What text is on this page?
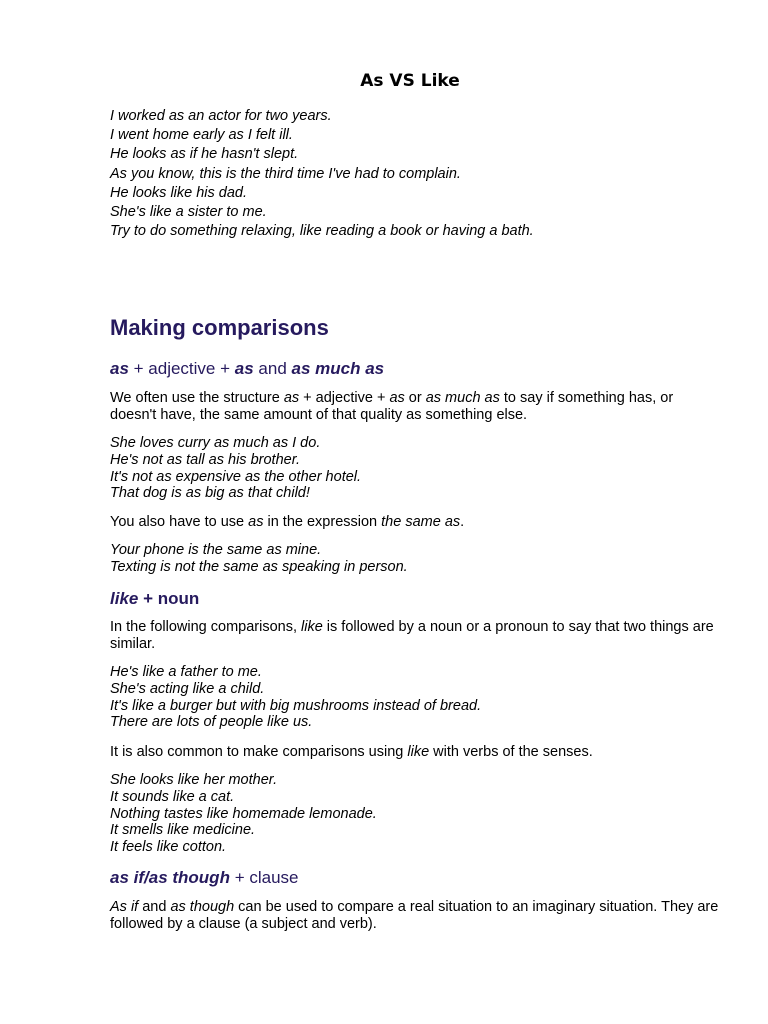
As VS Like
I worked as an actor for two years.
I went home early as I felt ill.
He looks as if he hasn't slept.
As you know, this is the third time I've had to complain.
He looks like his dad.
She's like a sister to me.
Try to do something relaxing, like reading a book or having a bath.
Making comparisons
as + adjective + as and as much as
We often use the structure as + adjective + as or as much as to say if something has, or doesn't have, the same amount of that quality as something else.
She loves curry as much as I do.
He's not as tall as his brother.
It's not as expensive as the other hotel.
That dog is as big as that child!
You also have to use as in the expression the same as.
Your phone is the same as mine.
Texting is not the same as speaking in person.
like + noun
In the following comparisons, like is followed by a noun or a pronoun to say that two things are similar.
He's like a father to me.
She's acting like a child.
It's like a burger but with big mushrooms instead of bread.
There are lots of people like us.
It is also common to make comparisons using like with verbs of the senses.
She looks like her mother.
It sounds like a cat.
Nothing tastes like homemade lemonade.
It smells like medicine.
It feels like cotton.
as if/as though + clause
As if and as though can be used to compare a real situation to an imaginary situation. They are followed by a clause (a subject and verb).
